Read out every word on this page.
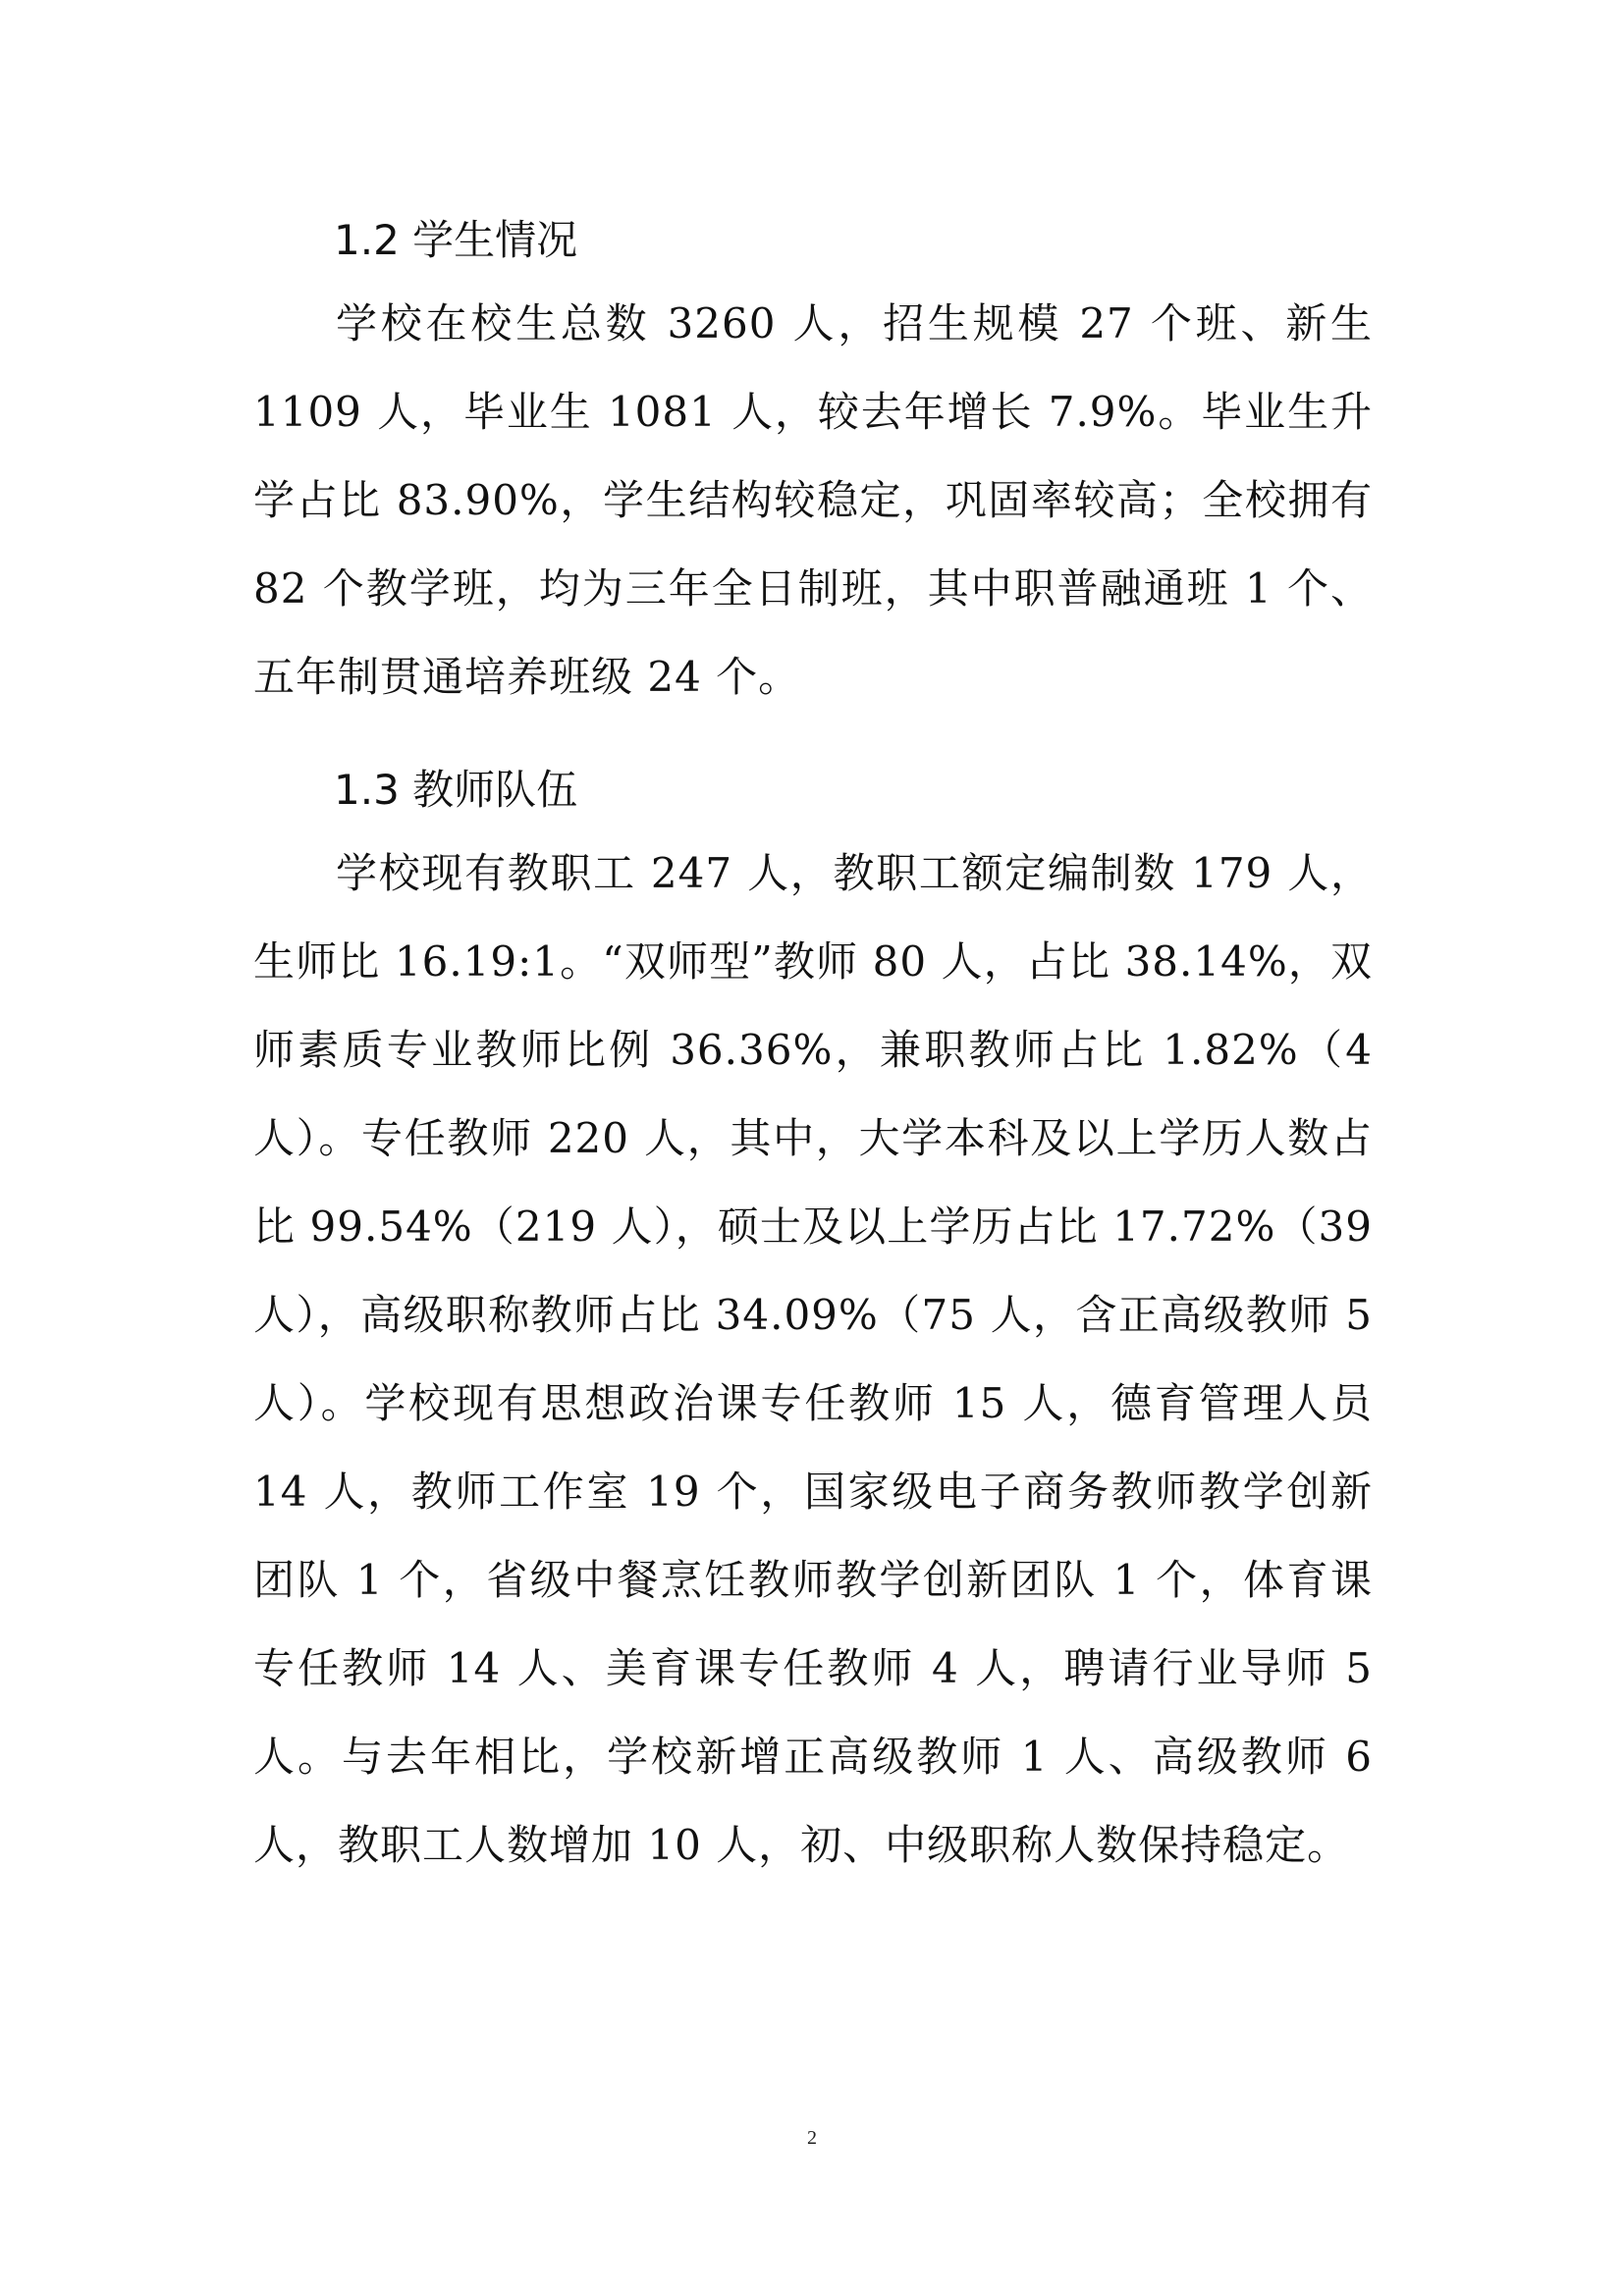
1.2 学生情况

学校在校生总数 3260 人，招生规模 27 个班、新生 1109 人，毕业生 1081 人，较去年增长 7.9%。毕业生升学占比 83.90%，学生结构较稳定，巩固率较高；全校拥有 82 个教学班，均为三年全日制班，其中职普融通班 1 个、五年制贯通培养班级 24 个。

1.3 教师队伍

学校现有教职工 247 人，教职工额定编制数 179 人，生师比 16.19:1。“双师型”教师 80 人，占比 38.14%，双师素质专业教师比例 36.36%，兼职教师占比 1.82%（4 人）。专任教师 220 人，其中，大学本科及以上学历人数占比 99.54%（219 人），硕士及以上学历占比 17.72%（39 人），高级职称教师占比 34.09%（75 人，含正高级教师 5 人）。学校现有思想政治课专任教师 15 人，德育管理人员 14 人，教师工作室 19 个，国家级电子商务教师教学创新团队 1 个，省级中餐烹饪教师教学创新团队 1 个，体育课专任教师 14 人、美育课专任教师 4 人，聘请行业导师 5 人。与去年相比，学校新增正高级教师 1 人、高级教师 6 人，教职工人数增加 10 人，初、中级职称人数保持稳定。

2
